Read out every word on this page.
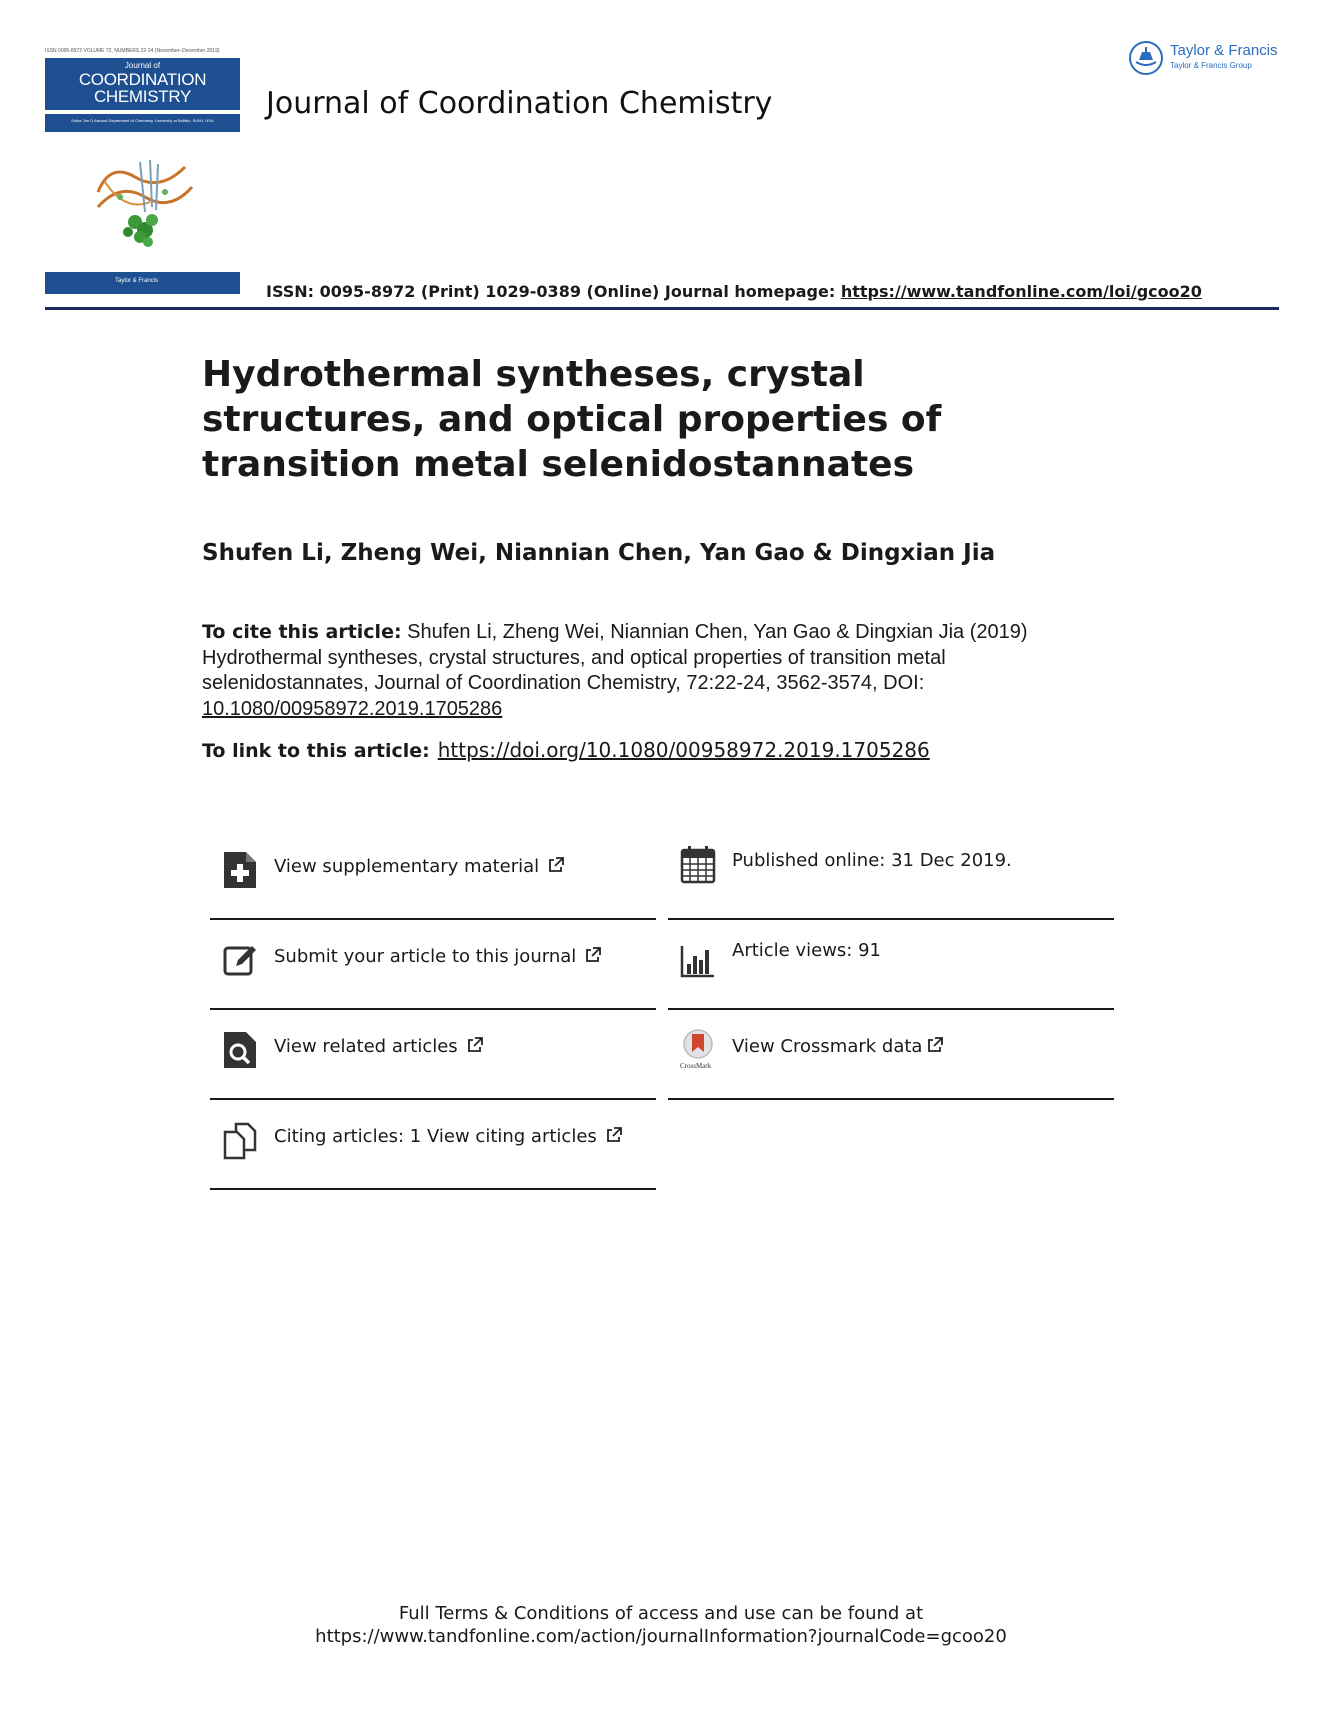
ISSN 0095-8972 VOLUME 72, NUMBERS 22-24 (November–December 2019)
Journal of
COORDINATION
CHEMISTRY
Editor Jim D Atwood Department of Chemistry, University at Buffalo, SUNY, USA
Taylor & Francis
Journal of Coordination Chemistry
Taylor & Francis
Taylor & Francis Group
ISSN: 0095-8972 (Print) 1029-0389 (Online) Journal homepage: https://www.tandfonline.com/loi/gcoo20
Hydrothermal syntheses, crystal structures, and optical properties of transition metal selenidostannates
Shufen Li, Zheng Wei, Niannian Chen, Yan Gao & Dingxian Jia
To cite this article: Shufen Li, Zheng Wei, Niannian Chen, Yan Gao & Dingxian Jia (2019) Hydrothermal syntheses, crystal structures, and optical properties of transition metal selenidostannates, Journal of Coordination Chemistry, 72:22-24, 3562-3574, DOI: 10.1080/00958972.2019.1705286
To link to this article: https://doi.org/10.1080/00958972.2019.1705286
View supplementary material
Submit your article to this journal
View related articles
Citing articles: 1 View citing articles
Published online: 31 Dec 2019.
Article views: 91
CrossMark
View Crossmark data
Full Terms & Conditions of access and use can be found at
https://www.tandfonline.com/action/journalInformation?journalCode=gcoo20
